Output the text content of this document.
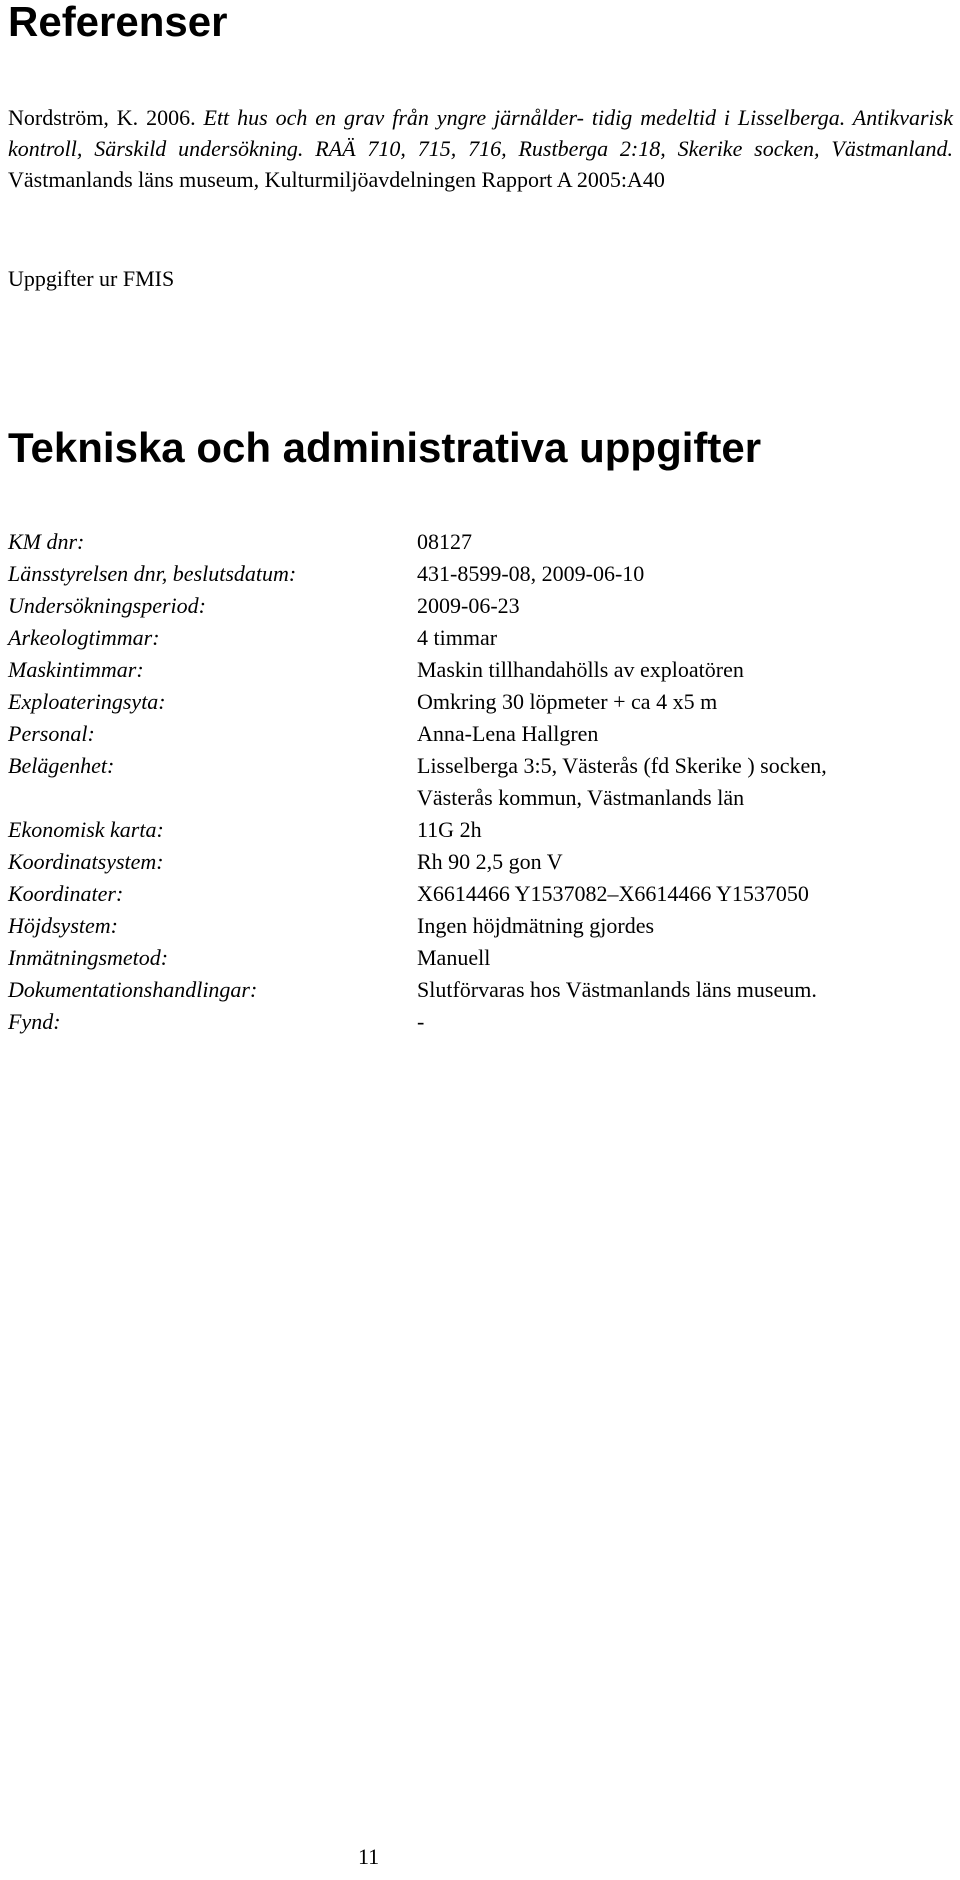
Referenser

Nordström, K. 2006. Ett hus och en grav från yngre järnålder- tidig medeltid i Lisselberga. Antikvarisk kontroll, Särskild undersökning. RAÄ 710, 715, 716, Rustberga 2:18, Skerike socken, Västmanland. Västmanlands läns museum, Kulturmiljöavdelningen Rapport A 2005:A40

Uppgifter ur FMIS

Tekniska och administrativa uppgifter
KM dnr:	08127
Länsstyrelsen dnr, beslutsdatum:	431-8599-08, 2009-06-10
Undersökningsperiod:	2009-06-23
Arkeologtimmar:	4 timmar
Maskintimmar:	Maskin tillhandahölls av exploatören
Exploateringsyta:	Omkring 30 löpmeter + ca 4 x5 m
Personal:	Anna-Lena Hallgren
Belägenhet:	Lisselberga 3:5, Västerås (fd Skerike ) socken, Västerås kommun, Västmanlands län
Ekonomisk karta:	11G 2h
Koordinatsystem:	Rh 90 2,5 gon V
Koordinater:	X6614466 Y1537082–X6614466 Y1537050
Höjdsystem:	Ingen höjdmätning gjordes
Inmätningsmetod:	Manuell
Dokumentationshandlingar:	Slutförvaras hos Västmanlands läns museum.
Fynd:	-
11
